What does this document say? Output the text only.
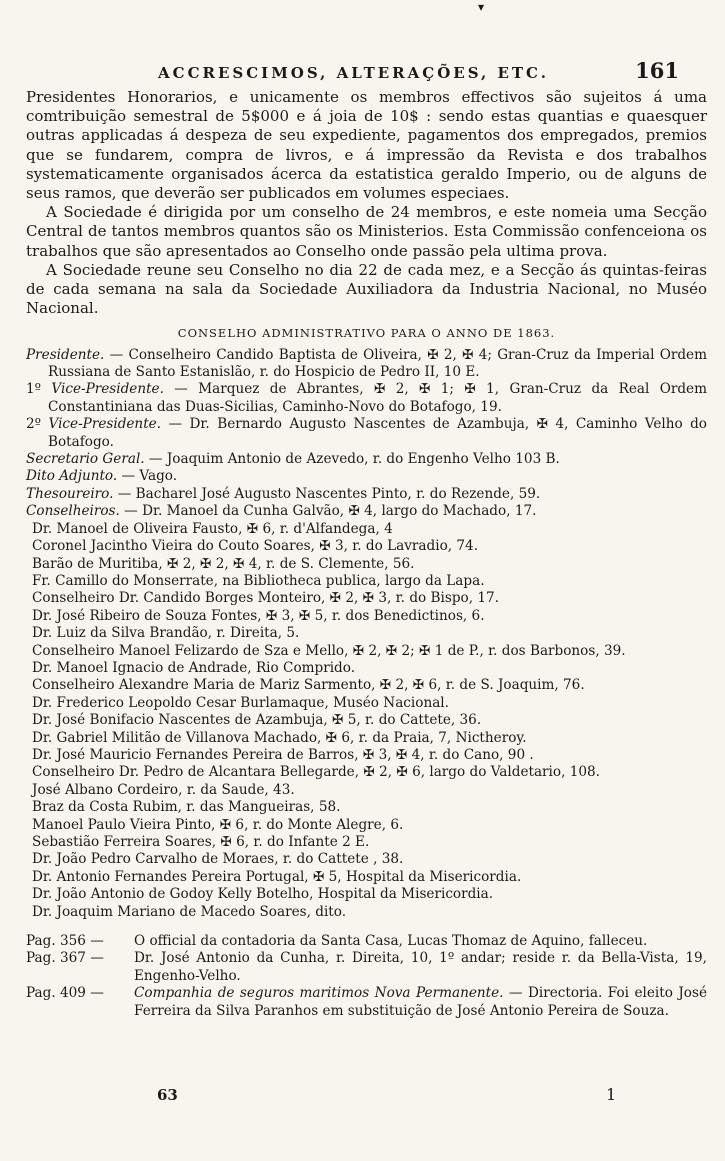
▾
ACCRESCIMOS, ALTERAÇÕES, ETC.	161

Presidentes Honorarios, e unicamente os membros effectivos são sujeitos á uma comtribuição semestral de 5$000 e á joia de 10$ : sendo estas quantias e quaesquer outras applicadas á despeza de seu expediente, pagamentos dos empregados, premios que se fundarem, compra de livros, e á impressão da Revista e dos trabalhos systematicamente organisados ácerca da estatistica geraldo Imperio, ou de alguns de seus ramos, que deverão ser publicados em volumes especiaes.

A Sociedade é dirigida por um conselho de 24 membros, e este nomeia uma Secção Central de tantos membros quantos são os Ministerios. Esta Commissão confenceiona os trabalhos que são apresentados ao Conselho onde passão pela ultima prova.

A Sociedade reune seu Conselho no dia 22 de cada mez, e a Secção ás quintas-feiras de cada semana na sala da Sociedade Auxiliadora da Industria Nacional, no Muséo Nacional.

CONSELHO ADMINISTRATIVO PARA O ANNO DE 1863.

Presidente. — Conselheiro Candido Baptista de Oliveira, ✠ 2, ✠ 4; Gran-Cruz da Imperial Ordem Russiana de Santo Estanislão, r. do Hospicio de Pedro II, 10 E.

1º Vice-Presidente. — Marquez de Abrantes, ✠ 2, ✠ 1; ✠ 1, Gran-Cruz da Real Ordem Constantiniana das Duas-Sicilias, Caminho-Novo do Botafogo, 19.

2º Vice-Presidente. — Dr. Bernardo Augusto Nascentes de Azambuja, ✠ 4, Caminho Velho do Botafogo.

Secretario Geral. — Joaquim Antonio de Azevedo, r. do Engenho Velho 103 B.

Dito Adjunto. — Vago.

Thesoureiro. — Bacharel José Augusto Nascentes Pinto, r. do Rezende, 59.

Conselheiros. — Dr. Manoel da Cunha Galvão, ✠ 4, largo do Machado, 17.

Dr. Manoel de Oliveira Fausto, ✠ 6, r. d'Alfandega, 4

Coronel Jacintho Vieira do Couto Soares, ✠ 3, r. do Lavradio, 74.

Barão de Muritiba, ✠ 2, ✠ 2, ✠ 4, r. de S. Clemente, 56.

Fr. Camillo do Monserrate, na Bibliotheca publica, largo da Lapa.

Conselheiro Dr. Candido Borges Monteiro, ✠ 2, ✠ 3, r. do Bispo, 17.

Dr. José Ribeiro de Souza Fontes, ✠ 3, ✠ 5, r. dos Benedictinos, 6.

Dr. Luiz da Silva Brandão, r. Direita, 5.

Conselheiro Manoel Felizardo de Sza e Mello, ✠ 2, ✠ 2; ✠ 1 de P., r. dos Barbonos, 39.

Dr. Manoel Ignacio de Andrade, Rio Comprido.

Conselheiro Alexandre Maria de Mariz Sarmento, ✠ 2, ✠ 6, r. de S. Joaquim, 76.

Dr. Frederico Leopoldo Cesar Burlamaque, Muséo Nacional.

Dr. José Bonifacio Nascentes de Azambuja, ✠ 5, r. do Cattete, 36.

Dr. Gabriel Militão de Villanova Machado, ✠ 6, r. da Praia, 7, Nictheroy.

Dr. José Mauricio Fernandes Pereira de Barros, ✠ 3, ✠ 4, r. do Cano, 90 .

Conselheiro Dr. Pedro de Alcantara Bellegarde, ✠ 2, ✠ 6, largo do Valdetario, 108.

José Albano Cordeiro, r. da Saude, 43.

Braz da Costa Rubim, r. das Mangueiras, 58.

Manoel Paulo Vieira Pinto, ✠ 6, r. do Monte Alegre, 6.

Sebastião Ferreira Soares, ✠ 6, r. do Infante 2 E.

Dr. João Pedro Carvalho de Moraes, r. do Cattete , 38.

Dr. Antonio Fernandes Pereira Portugal, ✠ 5, Hospital da Misericordia.

Dr. João Antonio de Godoy Kelly Botelho, Hospital da Misericordia.

Dr. Joaquim Mariano de Macedo Soares, dito.

Pag. 356 —	O official da contadoria da Santa Casa, Lucas Thomaz de Aquino, falleceu.
Pag. 367 —	Dr. José Antonio da Cunha, r. Direita, 10, 1º andar; reside r. da Bella-Vista, 19, Engenho-Velho.
Pag. 409 —	Companhia de seguros maritimos Nova Permanente. — Directoria. Foi eleito José Ferreira da Silva Paranhos em substituição de José Antonio Pereira de Souza.
63	1
